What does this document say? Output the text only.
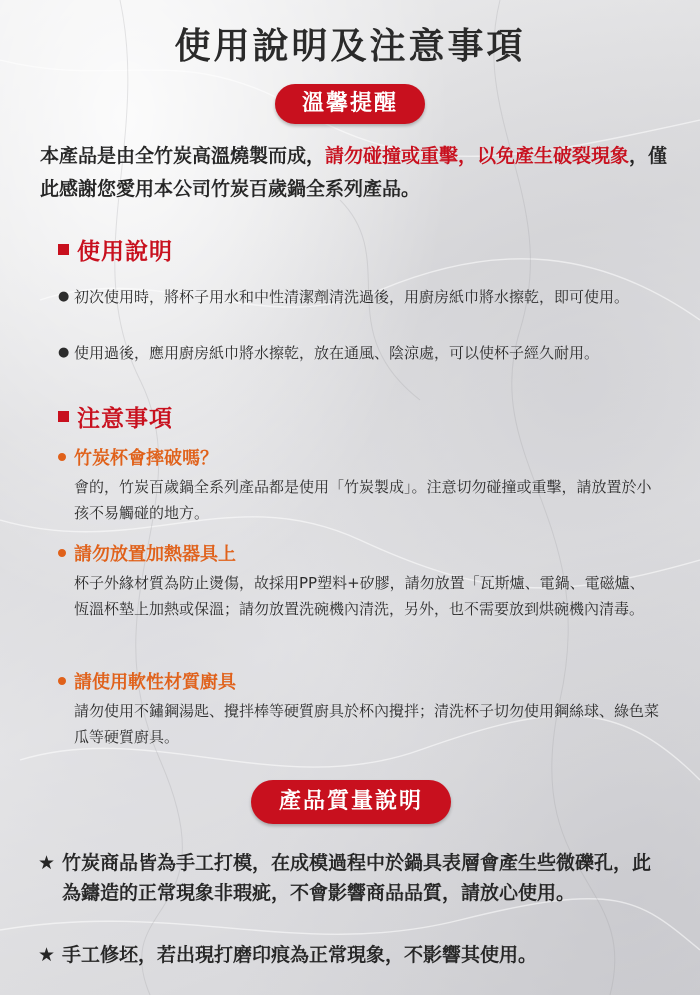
使用說明及注意事項
溫馨提醒

本產品是由全竹炭高溫燒製而成，請勿碰撞或重擊，以免產生破裂現象，僅此感謝您愛用本公司竹炭百歲鍋全系列產品。

使用說明
● 初次使用時，將杯子用水和中性清潔劑清洗過後，用廚房紙巾將水擦乾，即可使用。
● 使用過後，應用廚房紙巾將水擦乾，放在通風、陰涼處，可以使杯子經久耐用。
注意事項
竹炭杯會摔破嗎？

會的，竹炭百歲鍋全系列產品都是使用「竹炭製成」。注意切勿碰撞或重擊，請放置於小孩不易觸碰的地方。

請勿放置加熱器具上

杯子外緣材質為防止燙傷，故採用PP塑料+矽膠，請勿放置「瓦斯爐、電鍋、電磁爐、恆溫杯墊上加熱或保溫；請勿放置洗碗機內清洗，另外，也不需要放到烘碗機內清毒。

請使用軟性材質廚具

請勿使用不鏽鋼湯匙、攪拌棒等硬質廚具於杯內攪拌；清洗杯子切勿使用鋼絲球、綠色菜瓜等硬質廚具。

產品質量說明
★ 竹炭商品皆為手工打模，在成模過程中於鍋具表層會產生些微礫孔，此為鑄造的正常現象非瑕疵，不會影響商品品質，請放心使用。
★ 手工修坯，若出現打磨印痕為正常現象，不影響其使用。
